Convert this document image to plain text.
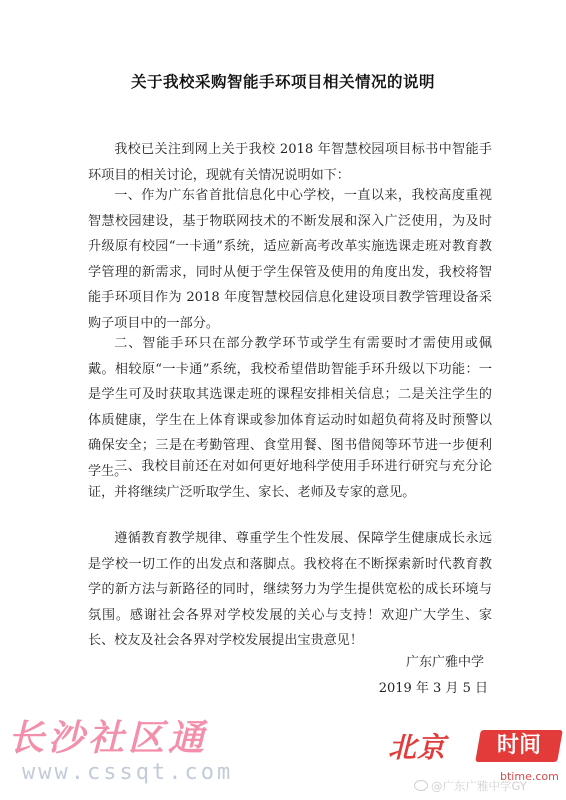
关于我校采购智能手环项目相关情况的说明

我校已关注到网上关于我校 2018 年智慧校园项目标书中智能手环项目的相关讨论，现就有关情况说明如下：

一、作为广东省首批信息化中心学校，一直以来，我校高度重视智慧校园建设，基于物联网技术的不断发展和深入广泛使用，为及时升级原有校园“一卡通”系统，适应新高考改革实施选课走班对教育教学管理的新需求，同时从便于学生保管及使用的角度出发，我校将智能手环项目作为 2018 年度智慧校园信息化建设项目教学管理设备采购子项目中的一部分。

二、智能手环只在部分教学环节或学生有需要时才需使用或佩戴。相较原“一卡通”系统，我校希望借助智能手环升级以下功能：一是学生可及时获取其选课走班的课程安排相关信息；二是关注学生的体质健康，学生在上体育课或参加体育运动时如超负荷将及时预警以确保安全；三是在考勤管理、食堂用餐、图书借阅等环节进一步便利学生。

三、我校目前还在对如何更好地科学使用手环进行研究与充分论证，并将继续广泛听取学生、家长、老师及专家的意见。

遵循教育教学规律、尊重学生个性发展、保障学生健康成长永远是学校一切工作的出发点和落脚点。我校将在不断探索新时代教育教学的新方法与新路径的同时，继续努力为学生提供宽松的成长环境与氛围。感谢社会各界对学校发展的关心与支持！欢迎广大学生、家长、校友及社会各界对学校发展提出宝贵意见！

广东广雅中学
2019 年 3 月 5 日
长沙社区通
www.cssqt.com
北京	时间
btime.com
@广东广雅中学GY
